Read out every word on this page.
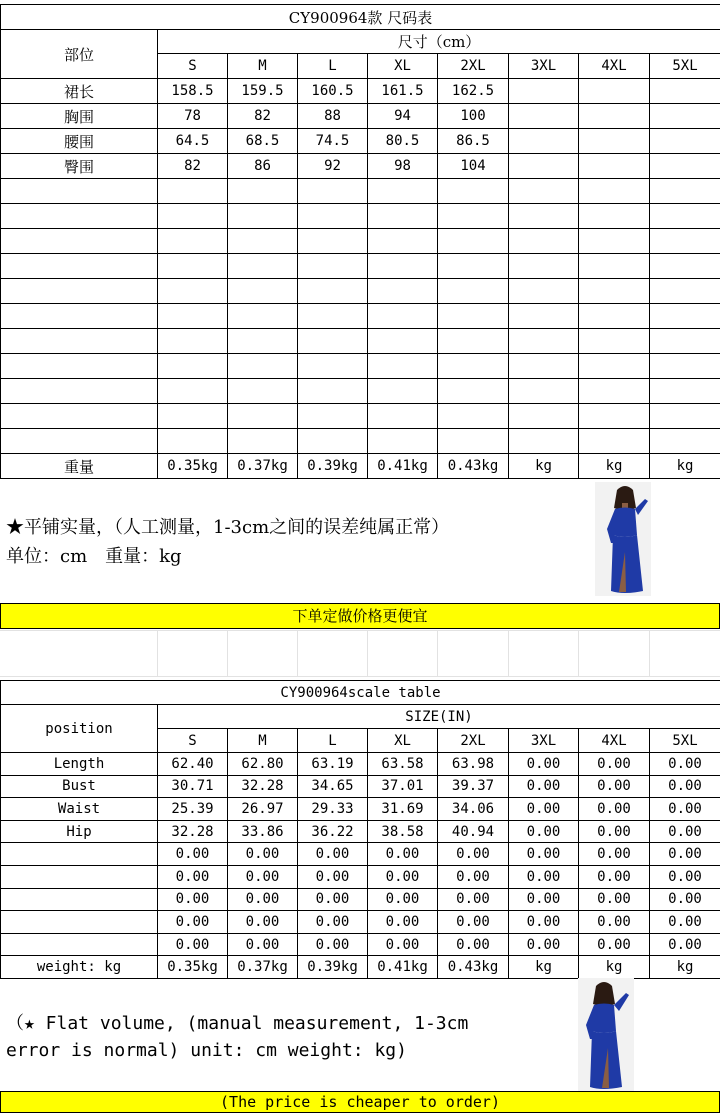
CY900964款 尺码表								
部位	尺寸（cm）							
	S	M	L	XL	2XL	3XL	4XL	5XL
裙长	158.5	159.5	160.5	161.5	162.5			
胸围	78	82	88	94	100			
腰围	64.5	68.5	74.5	80.5	86.5			
臀围	82	86	92	98	104			

重量	0.35kg	0.37kg	0.39kg	0.41kg	0.43kg	kg	kg	kg
★平铺实量，（人工测量，1-3cm之间的误差纯属正常）
单位：cm　重量：kg
下单定做价格更便宜
CY900964scale table								
position	SIZE(IN)							
	S	M	L	XL	2XL	3XL	4XL	5XL
Length	62.40	62.80	63.19	63.58	63.98	0.00	0.00	0.00
Bust	30.71	32.28	34.65	37.01	39.37	0.00	0.00	0.00
Waist	25.39	26.97	29.33	31.69	34.06	0.00	0.00	0.00
Hip	32.28	33.86	36.22	38.58	40.94	0.00	0.00	0.00
	0.00	0.00	0.00	0.00	0.00	0.00	0.00	0.00
	0.00	0.00	0.00	0.00	0.00	0.00	0.00	0.00
	0.00	0.00	0.00	0.00	0.00	0.00	0.00	0.00
	0.00	0.00	0.00	0.00	0.00	0.00	0.00	0.00
	0.00	0.00	0.00	0.00	0.00	0.00	0.00	0.00
weight: kg	0.35kg	0.37kg	0.39kg	0.41kg	0.43kg	kg	kg	kg
（★ Flat volume, (manual measurement, 1-3cm
error is normal) unit: cm weight: kg)
(The price is cheaper to order)
